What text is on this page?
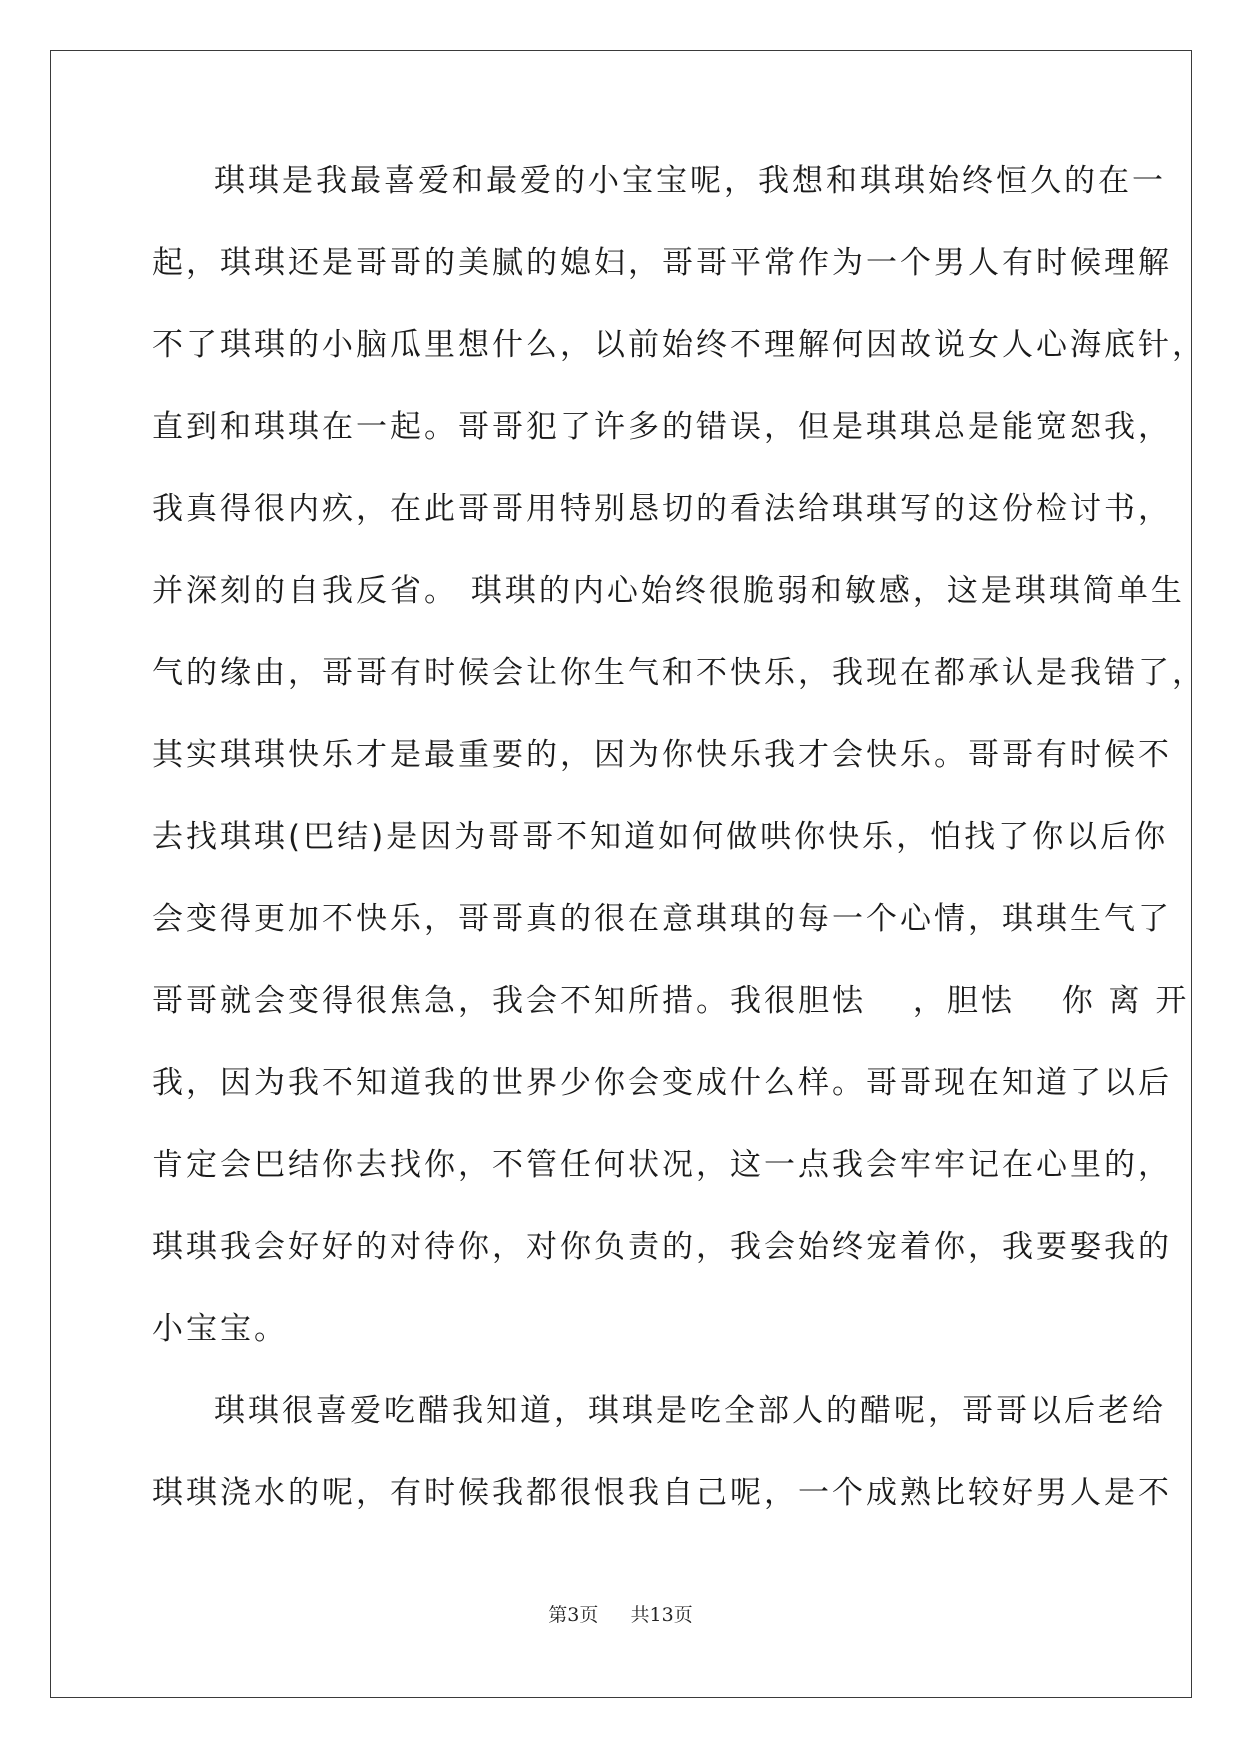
琪琪是我最喜爱和最爱的小宝宝呢，我想和琪琪始终恒久的在一
起，琪琪还是哥哥的美腻的媳妇，哥哥平常作为一个男人有时候理解
不了琪琪的小脑瓜里想什么，以前始终不理解何因故说女人心海底针，
直到和琪琪在一起。哥哥犯了许多的错误，但是琪琪总是能宽恕我，
我真得很内疚，在此哥哥用特别恳切的看法给琪琪写的这份检讨书，
并深刻的自我反省。 琪琪的内心始终很脆弱和敏感，这是琪琪简单生
气的缘由，哥哥有时候会让你生气和不快乐，我现在都承认是我错了，
其实琪琪快乐才是最重要的，因为你快乐我才会快乐。哥哥有时候不
去找琪琪(巴结)是因为哥哥不知道如何做哄你快乐，怕找了你以后你
会变得更加不快乐，哥哥真的很在意琪琪的每一个心情，琪琪生气了
哥哥就会变得很焦急，我会不知所措。我很胆怯 　，胆怯 　你 离 开
我，因为我不知道我的世界少你会变成什么样。哥哥现在知道了以后
肯定会巴结你去找你，不管任何状况，这一点我会牢牢记在心里的，
琪琪我会好好的对待你，对你负责的，我会始终宠着你，我要娶我的
小宝宝。
琪琪很喜爱吃醋我知道，琪琪是吃全部人的醋呢，哥哥以后老给
琪琪浇水的呢，有时候我都很恨我自己呢，一个成熟比较好男人是不
第3页 共13页
